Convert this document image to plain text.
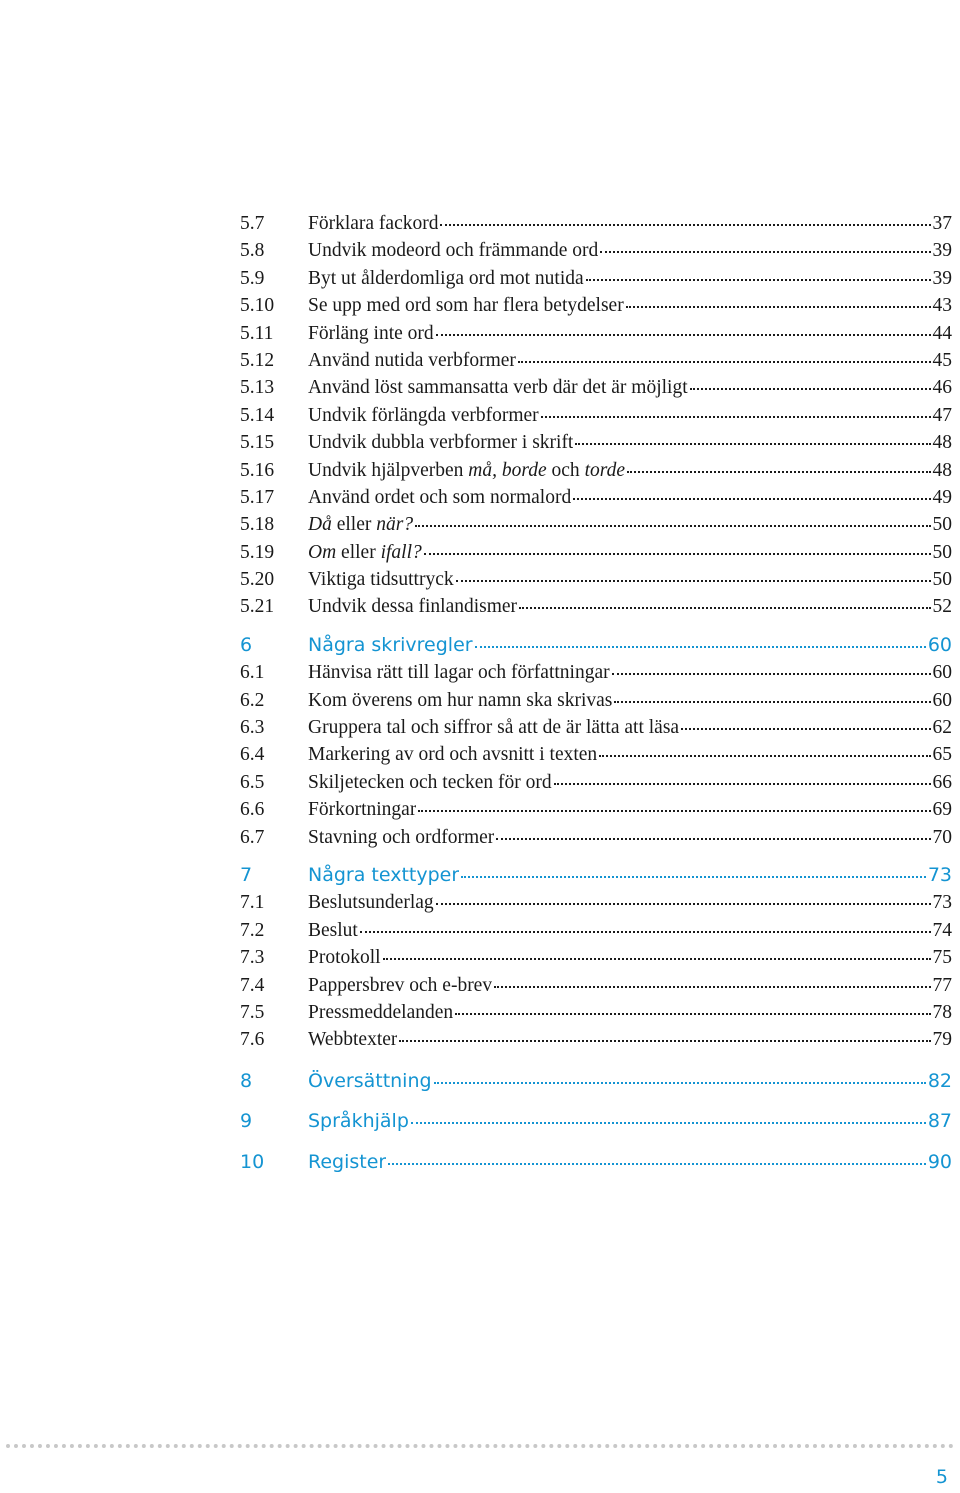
5.7	Förklara fackord	37
5.8	Undvik modeord och främmande ord	39
5.9	Byt ut ålderdomliga ord mot nutida	39
5.10	Se upp med ord som har flera betydelser	43
5.11	Förläng inte ord	44
5.12	Använd nutida verbformer	45
5.13	Använd löst sammansatta verb där det är möjligt	46
5.14	Undvik förlängda verbformer	47
5.15	Undvik dubbla verbformer i skrift	48
5.16	Undvik hjälpverben må, borde och torde	48
5.17	Använd ordet och som normalord	49
5.18	Då eller när?	50
5.19	Om eller ifall?	50
5.20	Viktiga tidsuttryck	50
5.21	Undvik dessa finlandismer	52
6	Några skrivregler	60
6.1	Hänvisa rätt till lagar och författningar	60
6.2	Kom överens om hur namn ska skrivas	60
6.3	Gruppera tal och siffror så att de är lätta att läsa	62
6.4	Markering av ord och avsnitt i texten	65
6.5	Skiljetecken och tecken för ord	66
6.6	Förkortningar	69
6.7	Stavning och ordformer	70
7	Några texttyper	73
7.1	Beslutsunderlag	73
7.2	Beslut	74
7.3	Protokoll	75
7.4	Pappersbrev och e-brev	77
7.5	Pressmeddelanden	78
7.6	Webbtexter	79
8	Översättning	82
9	Språkhjälp	87
10	Register	90
5
